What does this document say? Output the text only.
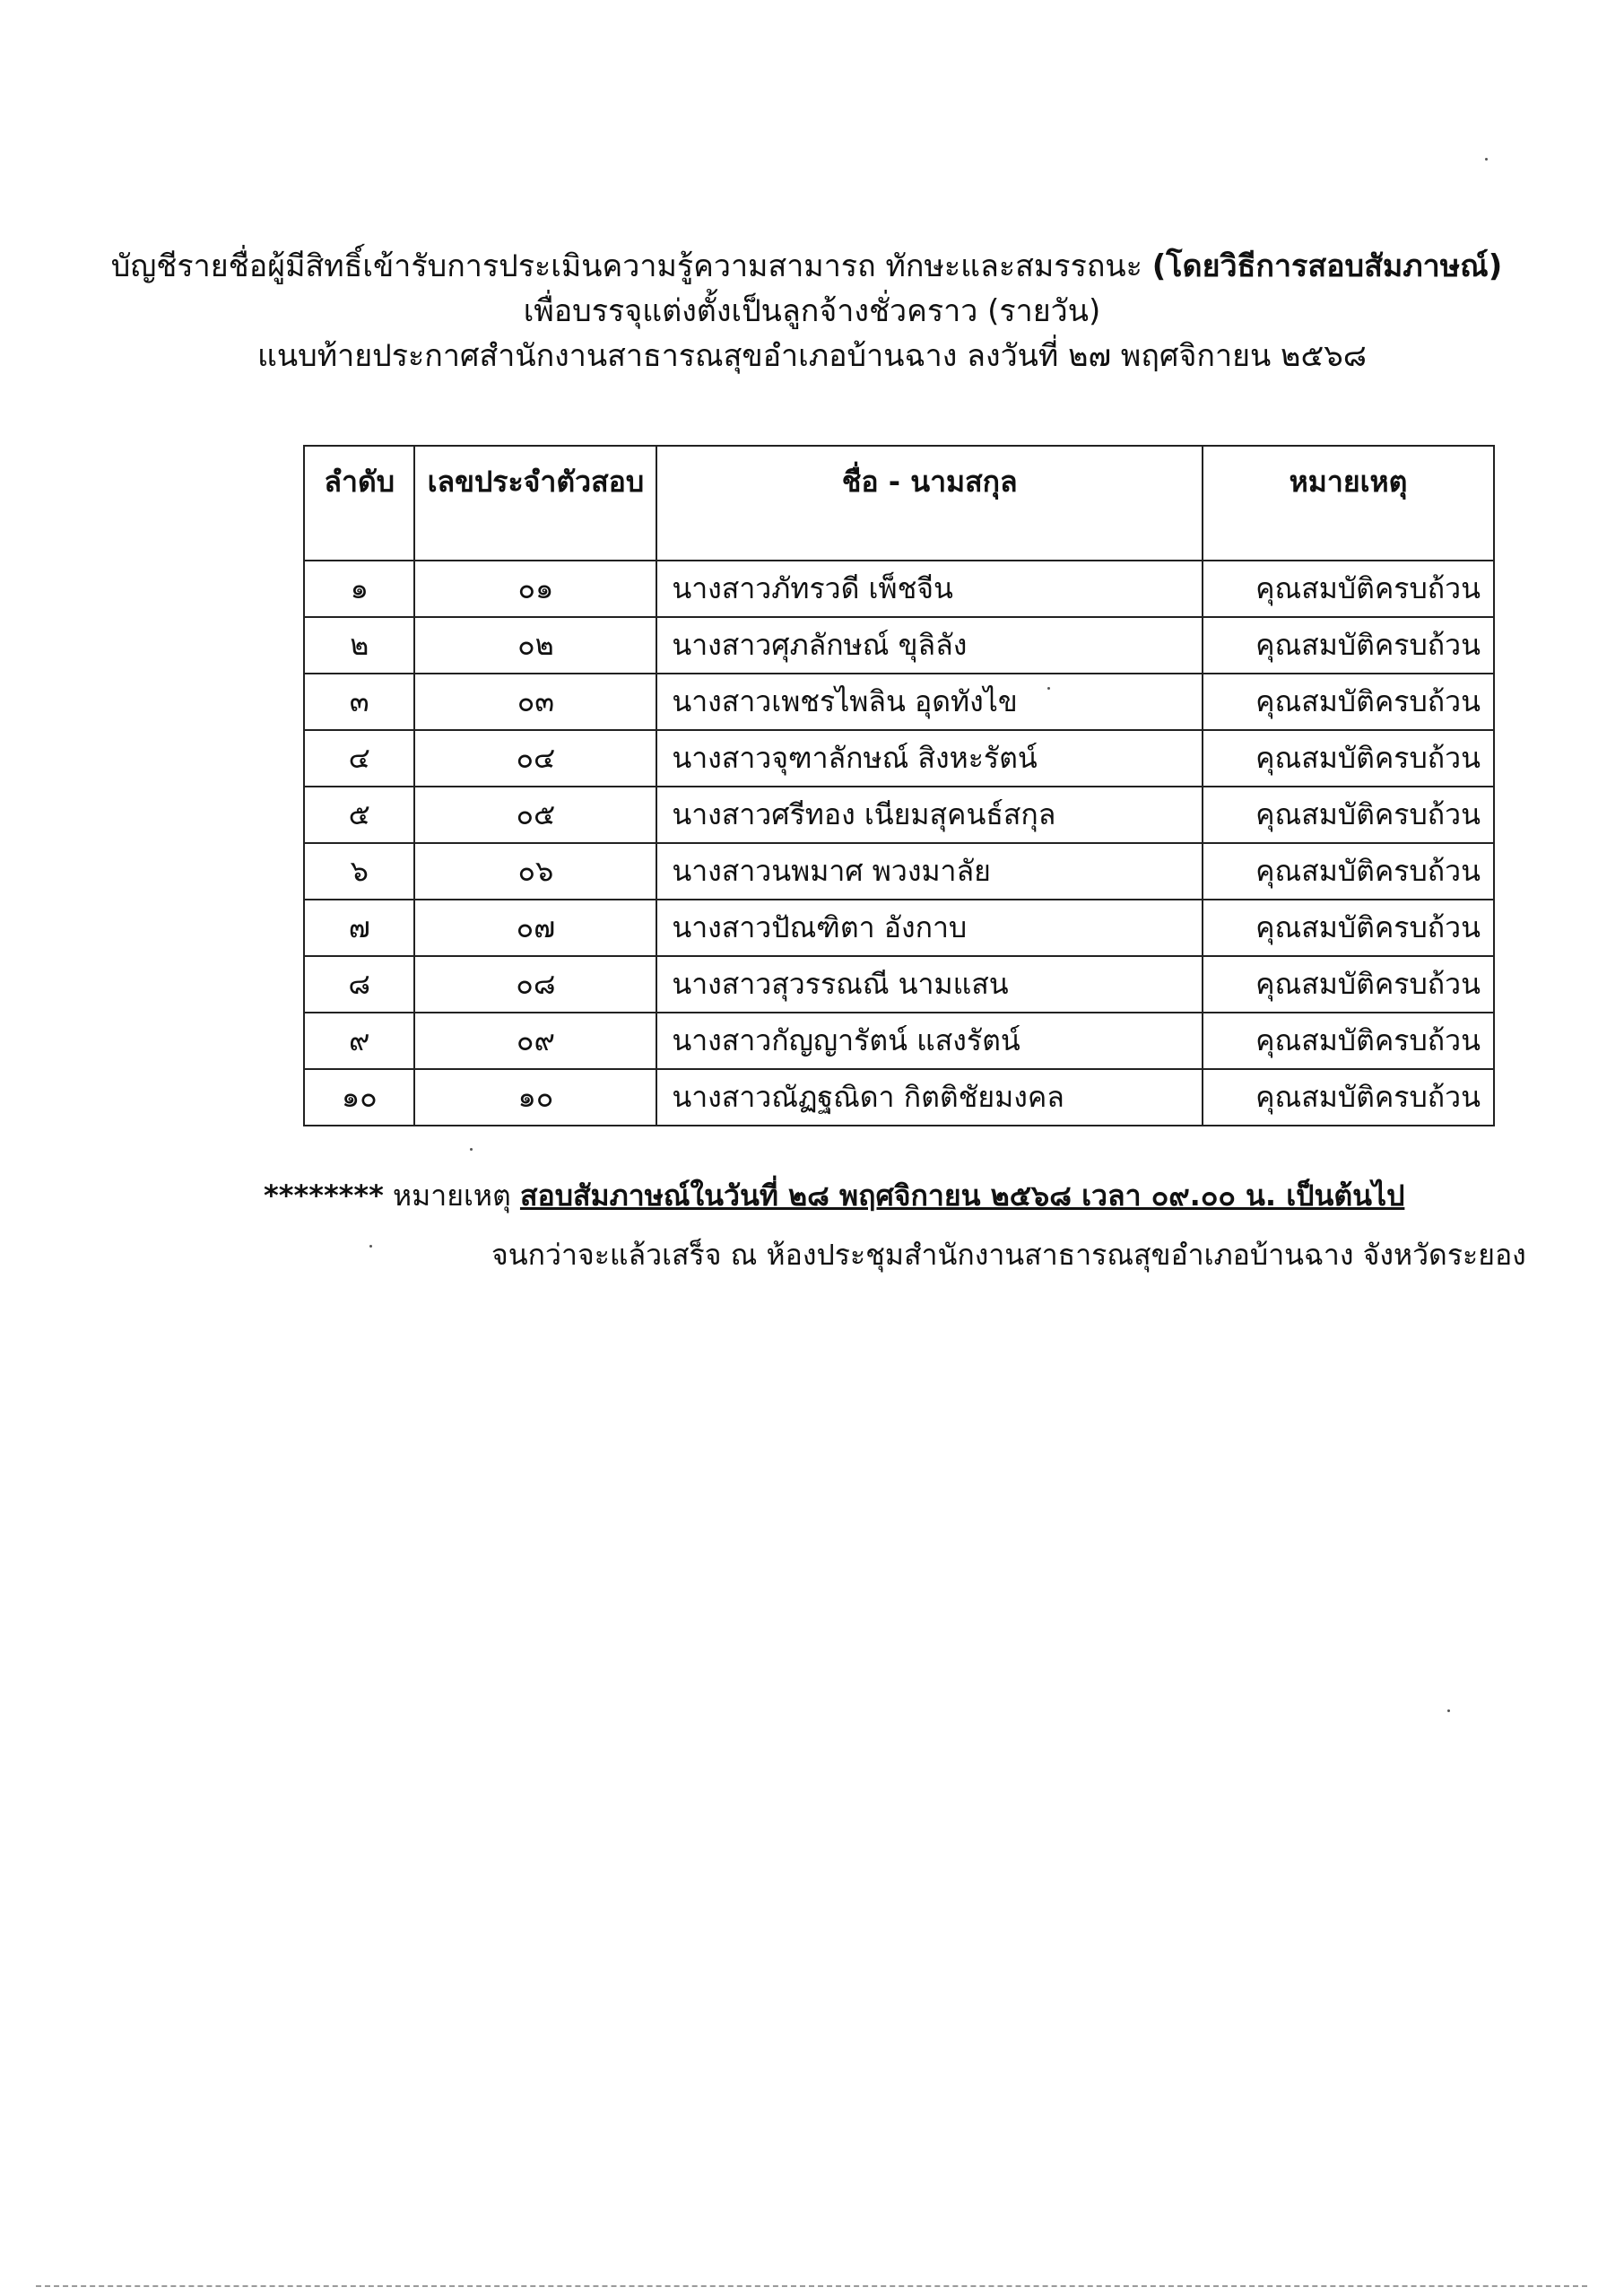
บัญชีรายชื่อผู้มีสิทธิ์เข้ารับการประเมินความรู้ความสามารถ ทักษะและสมรรถนะ (โดยวิธีการสอบสัมภาษณ์)
เพื่อบรรจุแต่งตั้งเป็นลูกจ้างชั่วคราว (รายวัน)
แนบท้ายประกาศสำนักงานสาธารณสุขอำเภอบ้านฉาง ลงวันที่ ๒๗ พฤศจิกายน ๒๕๖๘
ลำดับ	เลขประจำตัวสอบ	ชื่อ - นามสกุล	หมายเหตุ
๑	๐๑	นางสาวภัทรวดี เพ็ชจีน	คุณสมบัติครบถ้วน
๒	๐๒	นางสาวศุภลักษณ์ ขุลิลัง	คุณสมบัติครบถ้วน
๓	๐๓	นางสาวเพชรไพลิน อุดทังไข	คุณสมบัติครบถ้วน
๔	๐๔	นางสาวจุฑาลักษณ์ สิงหะรัตน์	คุณสมบัติครบถ้วน
๕	๐๕	นางสาวศรีทอง เนียมสุคนธ์สกุล	คุณสมบัติครบถ้วน
๖	๐๖	นางสาวนพมาศ พวงมาลัย	คุณสมบัติครบถ้วน
๗	๐๗	นางสาวปัณฑิตา อังกาบ	คุณสมบัติครบถ้วน
๘	๐๘	นางสาวสุวรรณณี นามแสน	คุณสมบัติครบถ้วน
๙	๐๙	นางสาวกัญญารัตน์ แสงรัตน์	คุณสมบัติครบถ้วน
๑๐	๑๐	นางสาวณัฏฐณิดา กิตติชัยมงคล	คุณสมบัติครบถ้วน
******** หมายเหตุ สอบสัมภาษณ์ในวันที่ ๒๘ พฤศจิกายน ๒๕๖๘ เวลา ๐๙.๐๐ น. เป็นต้นไป
จนกว่าจะแล้วเสร็จ ณ ห้องประชุมสำนักงานสาธารณสุขอำเภอบ้านฉาง จังหวัดระยอง
